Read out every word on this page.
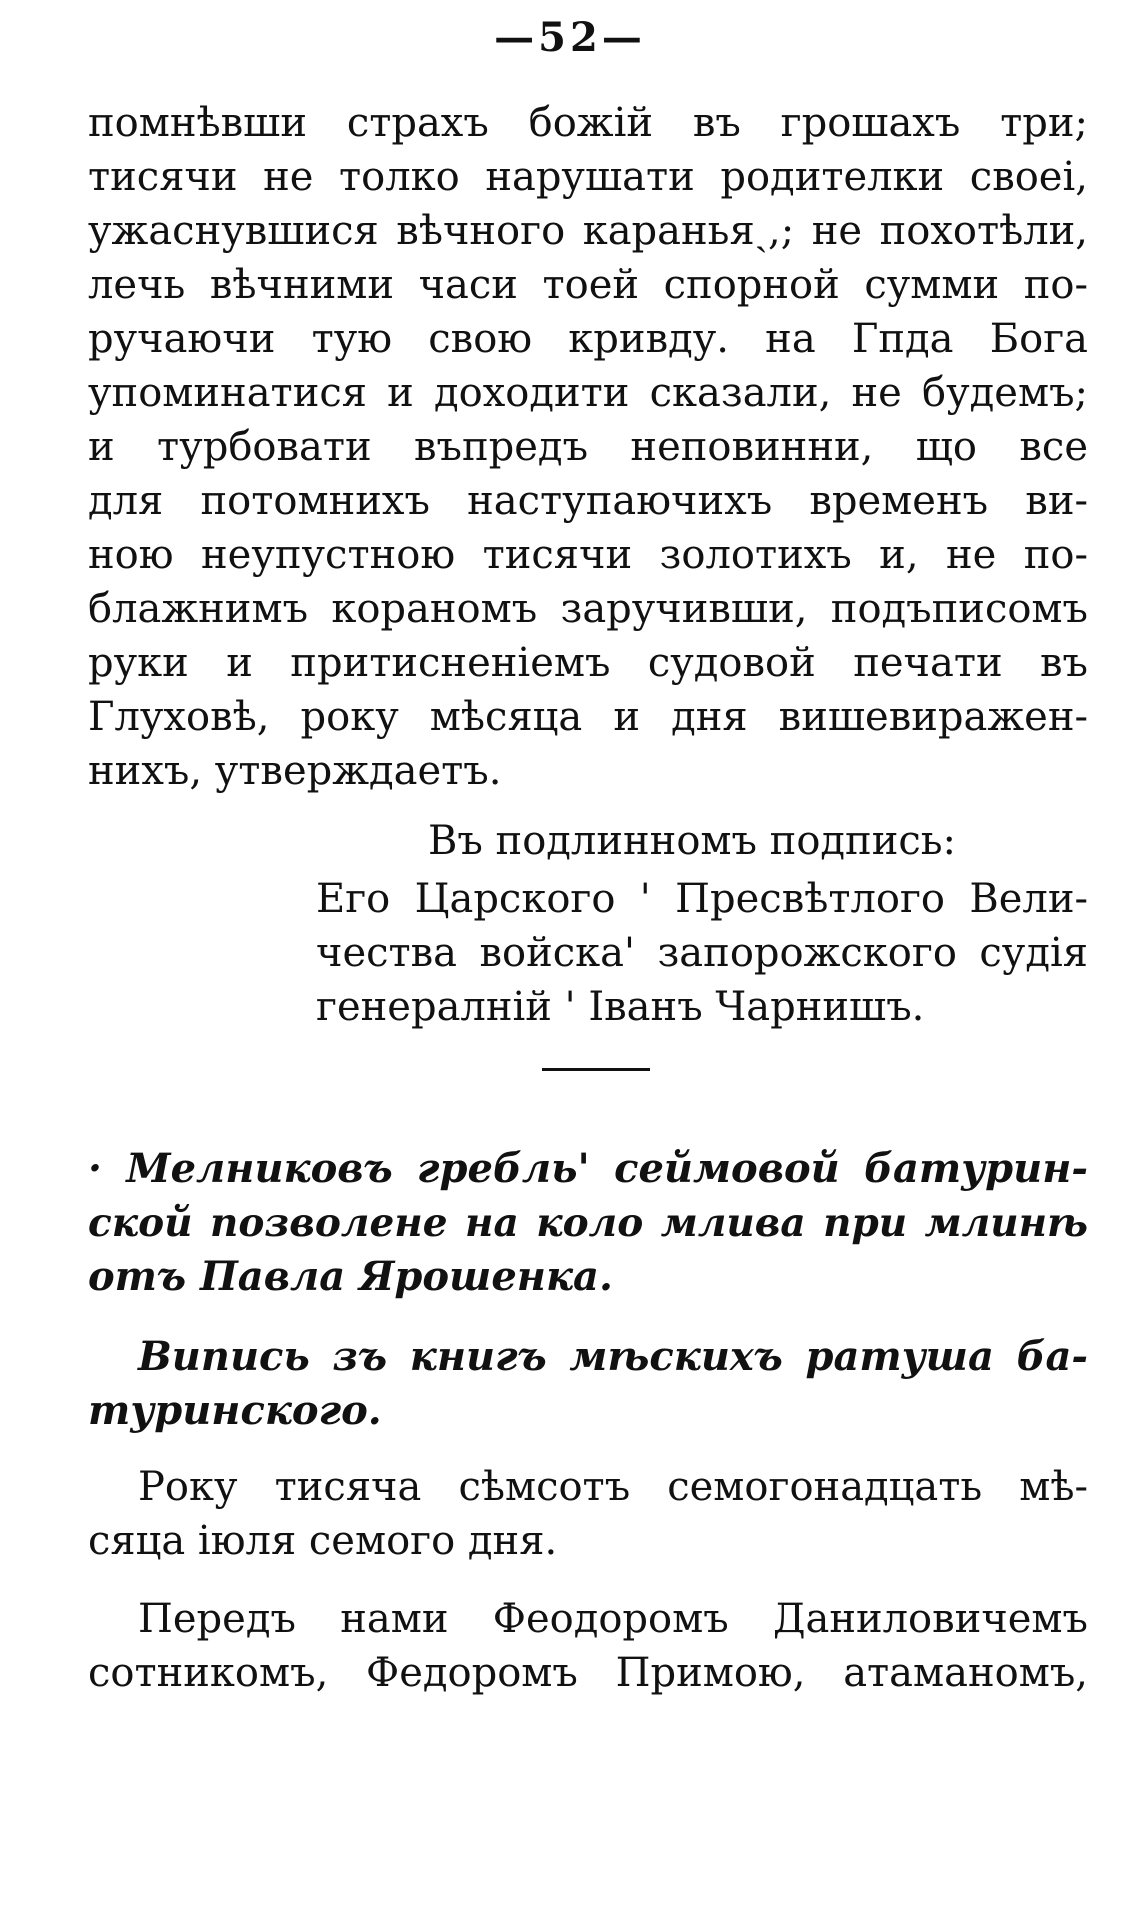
—52—
помнѣвши страхъ божій въ грошахъ три;
тисячи не толко нарушати родителки своеі,
ужаснувшися вѣчного караньяˏ,; не похотѣли,
лечь вѣчними часи тоей спорной сумми по-
ручаючи тую свою кривду. на Гпда Бога
упоминатися и доходити сказали, не будемъ;
и турбовати въпредъ неповинни, що все
для потомнихъ наступаючихъ временъ ви-
ною неупустною тисячи золотихъ и, не по-
блажнимъ кораномъ заручивши, подъписомъ
руки и притисненіемъ судовой печати въ
Глуховѣ, року мѣсяца и дня вишевиражен-
нихъ, утверждаетъ.
Въ подлинномъ подпись:
Его Царского ' Пресвѣтлого Вели-
чества войска' запорожского судія
генералній ' Іванъ Чарнишъ.
· Мелниковъ гребль' сеймовой батурин-
ской позволене на коло млива при млинѣ
отъ Павла Ярошенка.
Випись зъ книгъ мѣскихъ ратуша ба-
туринского.
Року тисяча сѣмсотъ семогонадцать мѣ-
сяца іюля семого дня.
Передъ нами Феодоромъ Даниловичемъ
сотникомъ, Федоромъ Примою, атаманомъ,
